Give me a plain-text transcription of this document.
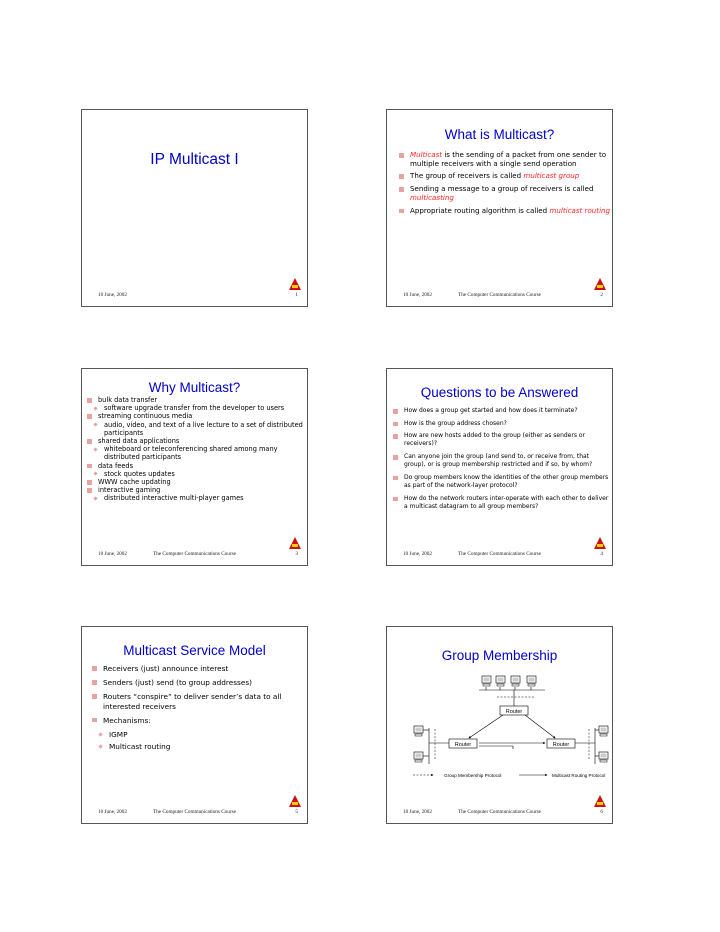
IP Multicast I
10 June, 2002	1
What is Multicast?
Multicast is the sending of a packet from one sender to multiple receivers with a single send operation
The group of receivers is called multicast group
Sending a message to a group of receivers is called multicasting
Appropriate routing algorithm is called multicast routing
10 June, 2002	The Computer Communications Course	2
Why Multicast?
bulk data transfer
software upgrade transfer from the developer to users
streaming continuous media
audio, video, and text of a live lecture to a set of distributed participants
shared data applications
whiteboard or teleconferencing shared among many distributed participants
data feeds
stock quotes updates
WWW cache updating
interactive gaming
distributed interactive multi-player games
10 June, 2002	The Computer Communications Course	3
Questions to be Answered
How does a group get started and how does it terminate?
How is the group address chosen?
How are new hosts added to the group (either as senders or receivers)?
Can anyone join the group (and send to, or receive from, that group), or is group membership restricted and if so, by whom?
Do group members know the identities of the other group members as part of the network-layer protocol?
How do the network routers inter-operate with each other to deliver a multicast datagram to all group members?
10 June, 2002	The Computer Communications Course	4
Multicast Service Model
Receivers (just) announce interest
Senders (just) send (to group addresses)
Routers “conspire” to deliver sender’s data to all interested receivers
Mechanisms:
IGMP
Multicast routing
10 June, 2002	The Computer Communications Course	5
Group Membership
Router
Router	Router
Group Membership Protocol	Multicast Routing Protocol
10 June, 2002	The Computer Communications Course	6
